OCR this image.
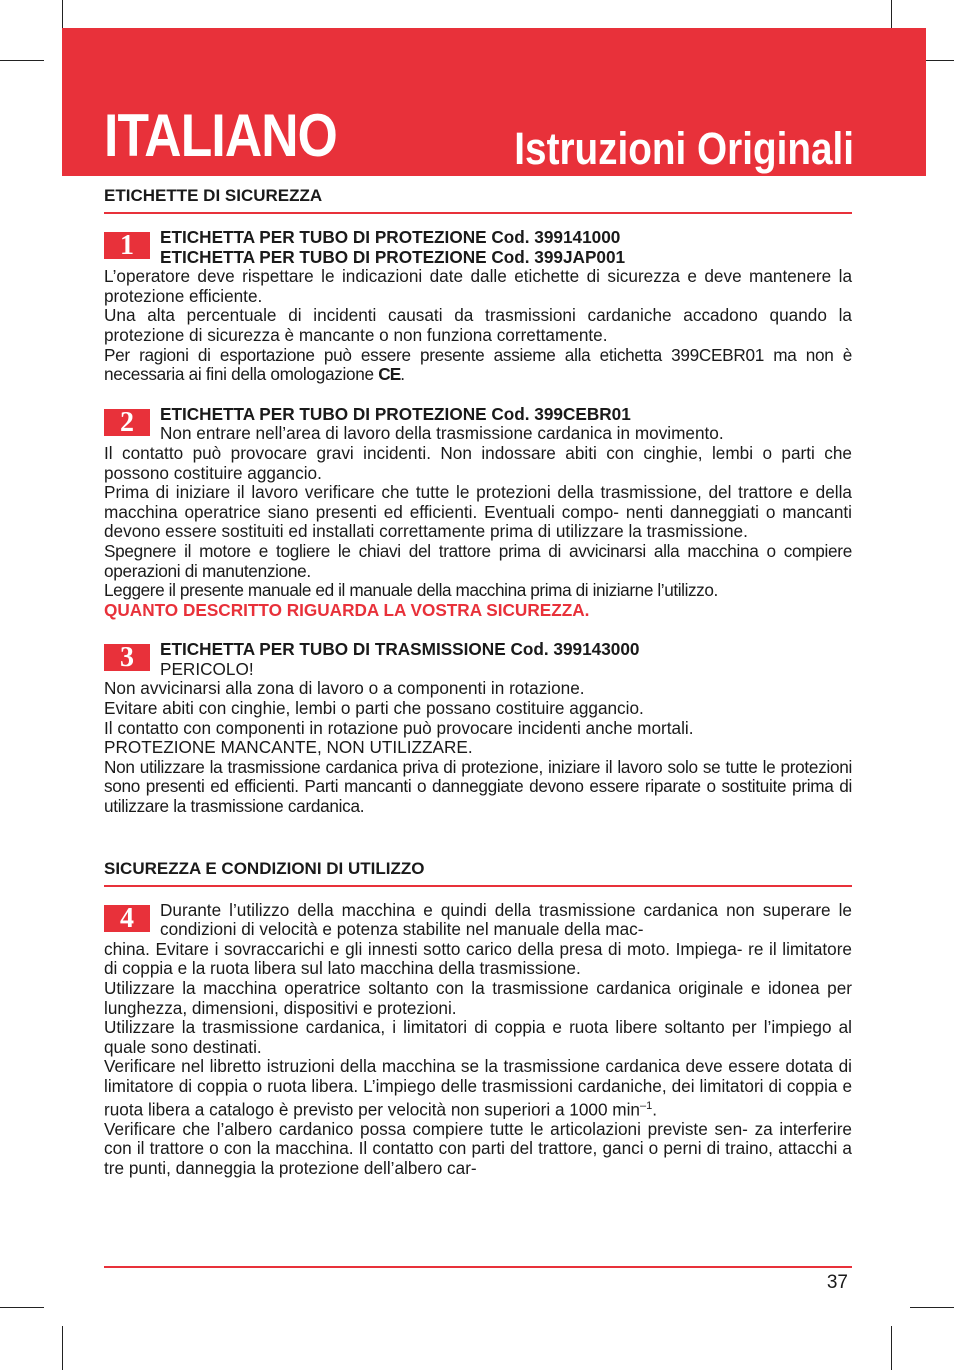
ITALIANO	Istruzioni Originali
ETICHETTE DI SICUREZZA
1	ETICHETTA PER TUBO DI PROTEZIONE Cod. 399141000
ETICHETTA PER TUBO DI PROTEZIONE Cod. 399JAP001

L’operatore deve rispettare le indicazioni date dalle etichette di sicurezza e deve mantenere la protezione efficiente.

Una alta percentuale di incidenti causati da trasmissioni cardaniche accadono quando la protezione di sicurezza è mancante o non funziona correttamente.

Per ragioni di esportazione può essere presente assieme alla etichetta 399CEBR01 ma non è necessaria ai fini della omologazione CE.

2	ETICHETTA PER TUBO DI PROTEZIONE Cod. 399CEBR01
Non entrare nell’area di lavoro della trasmissione cardanica in movimento.

Il contatto può provocare gravi incidenti. Non indossare abiti con cinghie, lembi o parti che possono costituire aggancio.

Prima di iniziare il lavoro verificare che tutte le protezioni della trasmissione, del trattore e della macchina operatrice siano presenti ed efficienti. Eventuali compo- nenti danneggiati o mancanti devono essere sostituiti ed installati correttamente prima di utilizzare la trasmissione.

Spegnere il motore e togliere le chiavi del trattore prima di avvicinarsi alla macchina o compiere operazioni di manutenzione.

Leggere il presente manuale ed il manuale della macchina prima di iniziarne l’utilizzo.

QUANTO DESCRITTO RIGUARDA LA VOSTRA SICUREZZA.

3	ETICHETTA PER TUBO DI TRASMISSIONE Cod. 399143000
PERICOLO!

Non avvicinarsi alla zona di lavoro o a componenti in rotazione.

Evitare abiti con cinghie, lembi o parti che possano costituire aggancio.

Il contatto con componenti in rotazione può provocare incidenti anche mortali.

PROTEZIONE MANCANTE, NON UTILIZZARE.

Non utilizzare la trasmissione cardanica priva di protezione, iniziare il lavoro solo se tutte le protezioni sono presenti ed efficienti. Parti mancanti o danneggiate devono essere riparate o sostituite prima di utilizzare la trasmissione cardanica.

SICUREZZA E CONDIZIONI DI UTILIZZO
4	Durante l’utilizzo della macchina e quindi della trasmissione cardanica non superare le condizioni di velocità e potenza stabilite nel manuale della mac-

china. Evitare i sovraccarichi e gli innesti sotto carico della presa di moto. Impiega- re il limitatore di coppia e la ruota libera sul lato macchina della trasmissione.

Utilizzare la macchina operatrice soltanto con la trasmissione cardanica originale e idonea per lunghezza, dimensioni, dispositivi e protezioni.

Utilizzare la trasmissione cardanica, i limitatori di coppia e ruota libere soltanto per l’impiego al quale sono destinati.

Verificare nel libretto istruzioni della macchina se la trasmissione cardanica deve essere dotata di limitatore di coppia o ruota libera. L’impiego delle trasmissioni cardaniche, dei limitatori di coppia e ruota libera a catalogo è previsto per velocità non superiori a 1000 $\min^{-1}$.

Verificare che l’albero cardanico possa compiere tutte le articolazioni previste sen- za interferire con il trattore o con la macchina. Il contatto con parti del trattore, ganci o perni di traino, attacchi a tre punti, danneggia la protezione dell’albero car-

37
